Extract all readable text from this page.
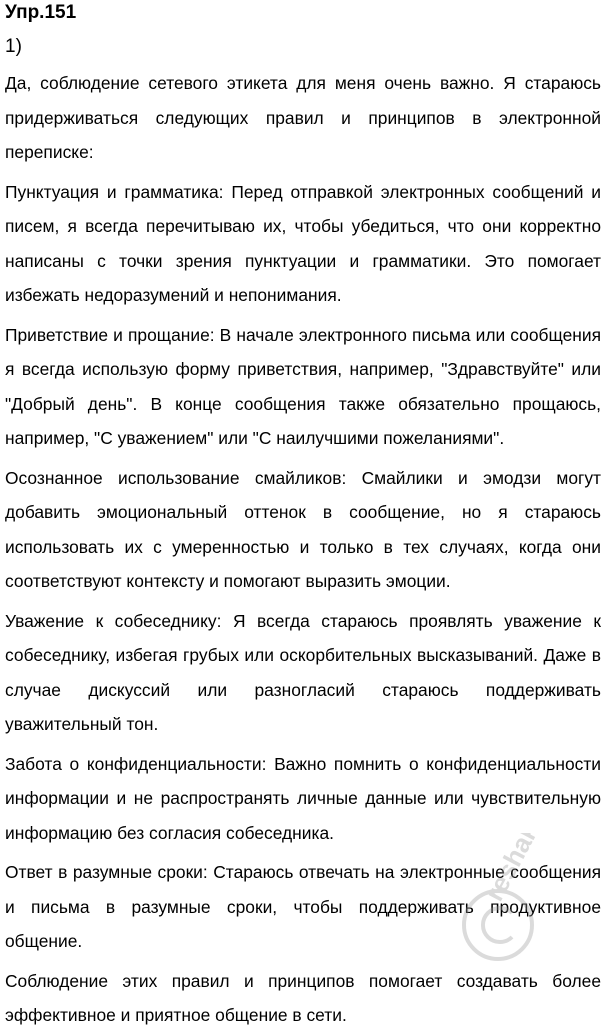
Упр.151
1)

Да, соблюдение сетевого этикета для меня очень важно. Я стараюсь придерживаться следующих правил и принципов в электронной переписке:

Пунктуация и грамматика: Перед отправкой электронных сообщений и писем, я всегда перечитываю их, чтобы убедиться, что они корректно написаны с точки зрения пунктуации и грамматики. Это помогает избежать недоразумений и непонимания.

Приветствие и прощание: В начале электронного письма или сообщения я всегда использую форму приветствия, например, "Здравствуйте" или "Добрый день". В конце сообщения также обязательно прощаюсь, например, "С уважением" или "С наилучшими пожеланиями".

Осознанное использование смайликов: Смайлики и эмодзи могут добавить эмоциональный оттенок в сообщение, но я стараюсь использовать их с умеренностью и только в тех случаях, когда они соответствуют контексту и помогают выразить эмоции.

Уважение к собеседнику: Я всегда стараюсь проявлять уважение к собеседнику, избегая грубых или оскорбительных высказываний. Даже в случае дискуссий или разногласий стараюсь поддерживать уважительный тон.

Забота о конфиденциальности: Важно помнить о конфиденциальности информации и не распространять личные данные или чувствительную информацию без согласия собеседника.

Ответ в разумные сроки: Стараюсь отвечать на электронные сообщения и письма в разумные сроки, чтобы поддерживать продуктивное общение.

Соблюдение этих правил и принципов помогает создавать более эффективное и приятное общение в сети.

reshak.ru
